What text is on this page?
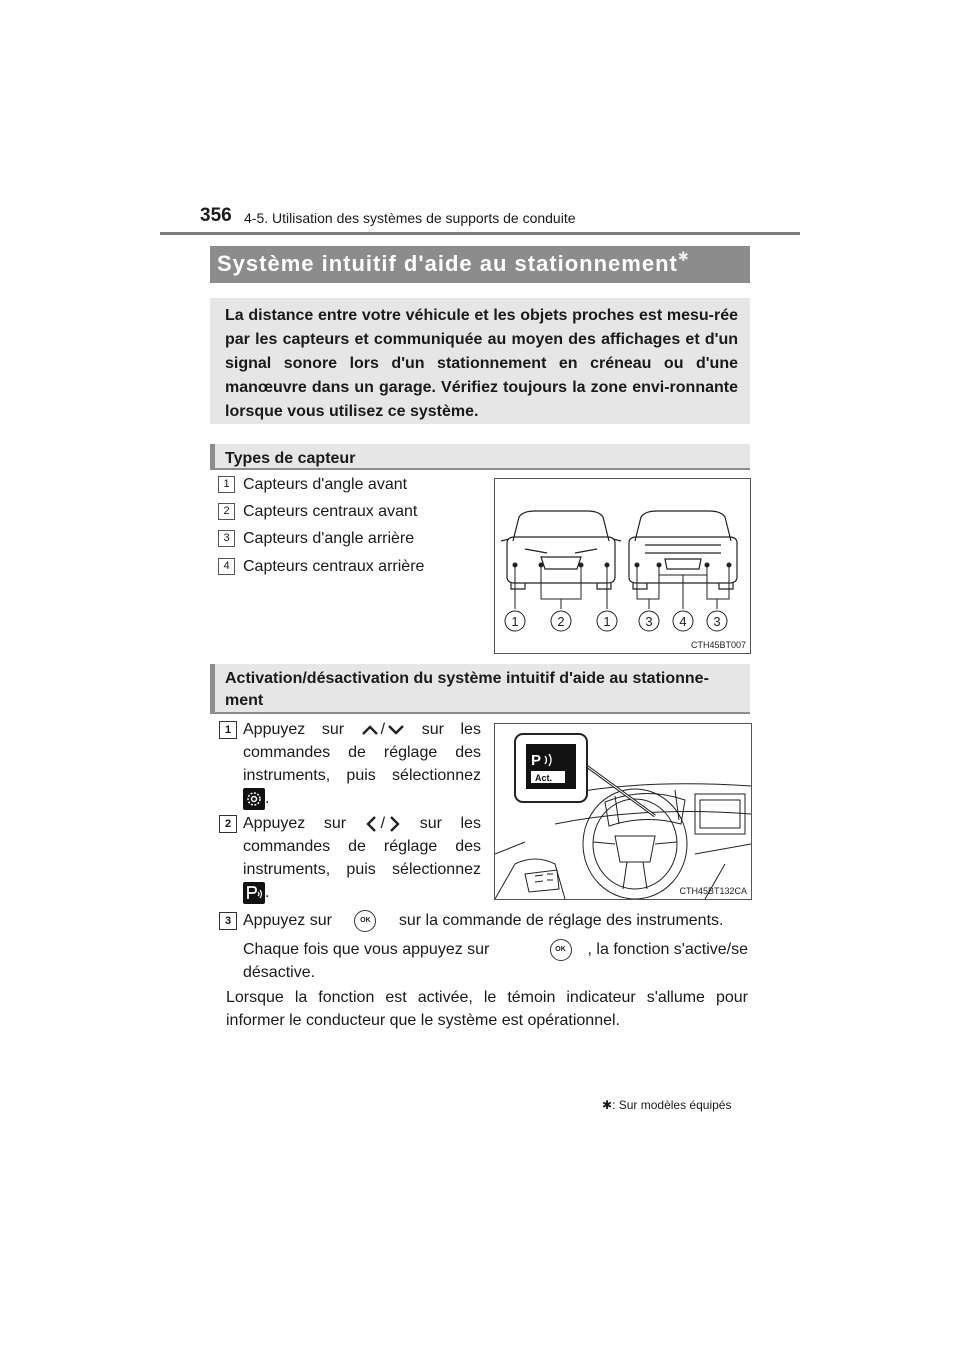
356 4-5. Utilisation des systèmes de supports de conduite
Système intuitif d'aide au stationnement✱

La distance entre votre véhicule et les objets proches est mesu-rée par les capteurs et communiquée au moyen des affichages et d'un signal sonore lors d'un stationnement en créneau ou d'une manœuvre dans un garage. Vérifiez toujours la zone envi-ronnante lorsque vous utilisez ce système.

Types de capteur
1 Capteurs d'angle avant
2 Capteurs centraux avant
3 Capteurs d'angle arrière
4 Capteurs centraux arrière
1	2	1	3 4 3
CTH45BT007
Activation/désactivation du système intuitif d'aide au stationne-
ment
1 Appuyez sur / sur les
commandes de réglage des
instruments, puis sélectionnez
.
2 Appuyez sur / sur les
commandes de réglage des
instruments, puis sélectionnez
.
P
Act.
CTH45BT132CA
3 Appuyez sur	OK sur la commande de réglage des instruments.
Chaque fois que vous appuyez sur	OK	, la fonction s'active/se
désactive.
Lorsque la fonction est activée, le témoin indicateur s'allume pour informer le conducteur que le système est opérationnel.
✱: Sur modèles équipés
